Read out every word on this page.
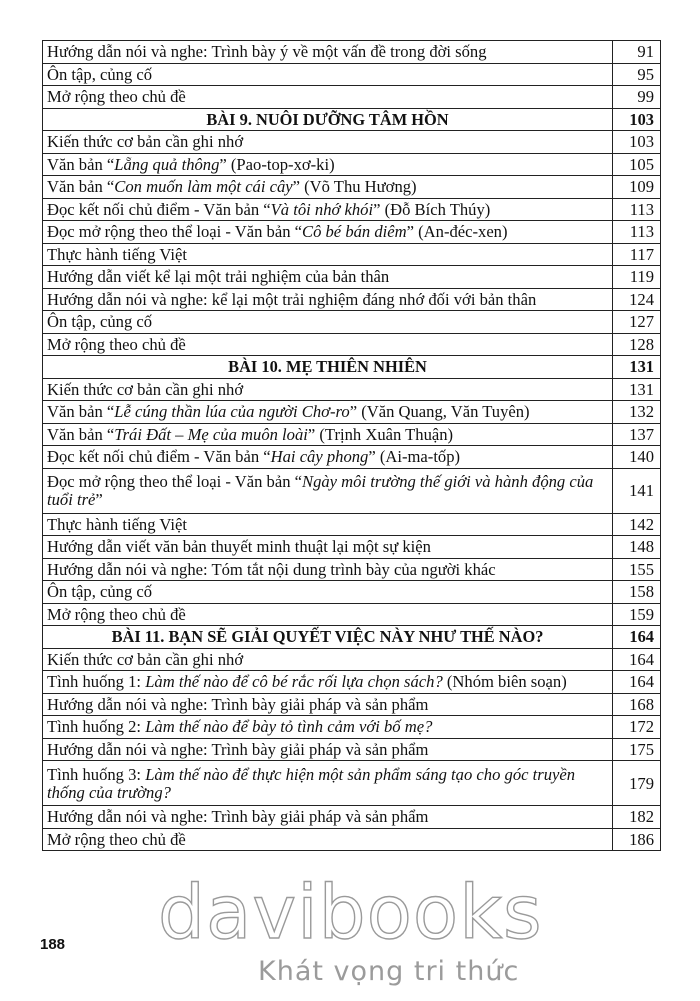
Hướng dẫn nói và nghe: Trình bày ý về một vấn đề trong đời sống	91
Ôn tập, củng cố	95
Mở rộng theo chủ đề	99
BÀI 9. NUÔI DƯỠNG TÂM HỒN	103
Kiến thức cơ bản cần ghi nhớ	103
Văn bản “Lẵng quả thông” (Pao-top-xơ-ki)	105
Văn bản “Con muốn làm một cái cây” (Võ Thu Hương)	109
Đọc kết nối chủ điểm - Văn bản “Và tôi nhớ khói” (Đỗ Bích Thúy)	113
Đọc mở rộng theo thể loại - Văn bản “Cô bé bán diêm” (An-đéc-xen)	113
Thực hành tiếng Việt	117
Hướng dẫn viết kể lại một trải nghiệm của bản thân	119
Hướng dẫn nói và nghe: kể lại một trải nghiệm đáng nhớ đối với bản thân	124
Ôn tập, củng cố	127
Mở rộng theo chủ đề	128
BÀI 10. MẸ THIÊN NHIÊN	131
Kiến thức cơ bản cần ghi nhớ	131
Văn bản “Lễ cúng thần lúa của người Chơ-ro” (Văn Quang, Văn Tuyên)	132
Văn bản “Trái Đất – Mẹ của muôn loài” (Trịnh Xuân Thuận)	137
Đọc kết nối chủ điểm - Văn bản “Hai cây phong” (Ai-ma-tốp)	140
Đọc mở rộng theo thể loại - Văn bản “Ngày môi trường thế giới và hành động của tuổi trẻ”	141
Thực hành tiếng Việt	142
Hướng dẫn viết văn bản thuyết minh thuật lại một sự kiện	148
Hướng dẫn nói và nghe: Tóm tắt nội dung trình bày của người khác	155
Ôn tập, củng cố	158
Mở rộng theo chủ đề	159
BÀI 11. BẠN SẼ GIẢI QUYẾT VIỆC NÀY NHƯ THẾ NÀO?	164
Kiến thức cơ bản cần ghi nhớ	164
Tình huống 1: Làm thế nào để cô bé rắc rối lựa chọn sách? (Nhóm biên soạn)	164
Hướng dẫn nói và nghe: Trình bày giải pháp và sản phẩm	168
Tình huống 2: Làm thế nào để bày tỏ tình cảm với bố mẹ?	172
Hướng dẫn nói và nghe: Trình bày giải pháp và sản phẩm	175
Tình huống 3: Làm thế nào để thực hiện một sản phẩm sáng tạo cho góc truyền thống của trường?	179
Hướng dẫn nói và nghe: Trình bày giải pháp và sản phẩm	182
Mở rộng theo chủ đề	186
188 davibooks
Khát vọng tri thức
